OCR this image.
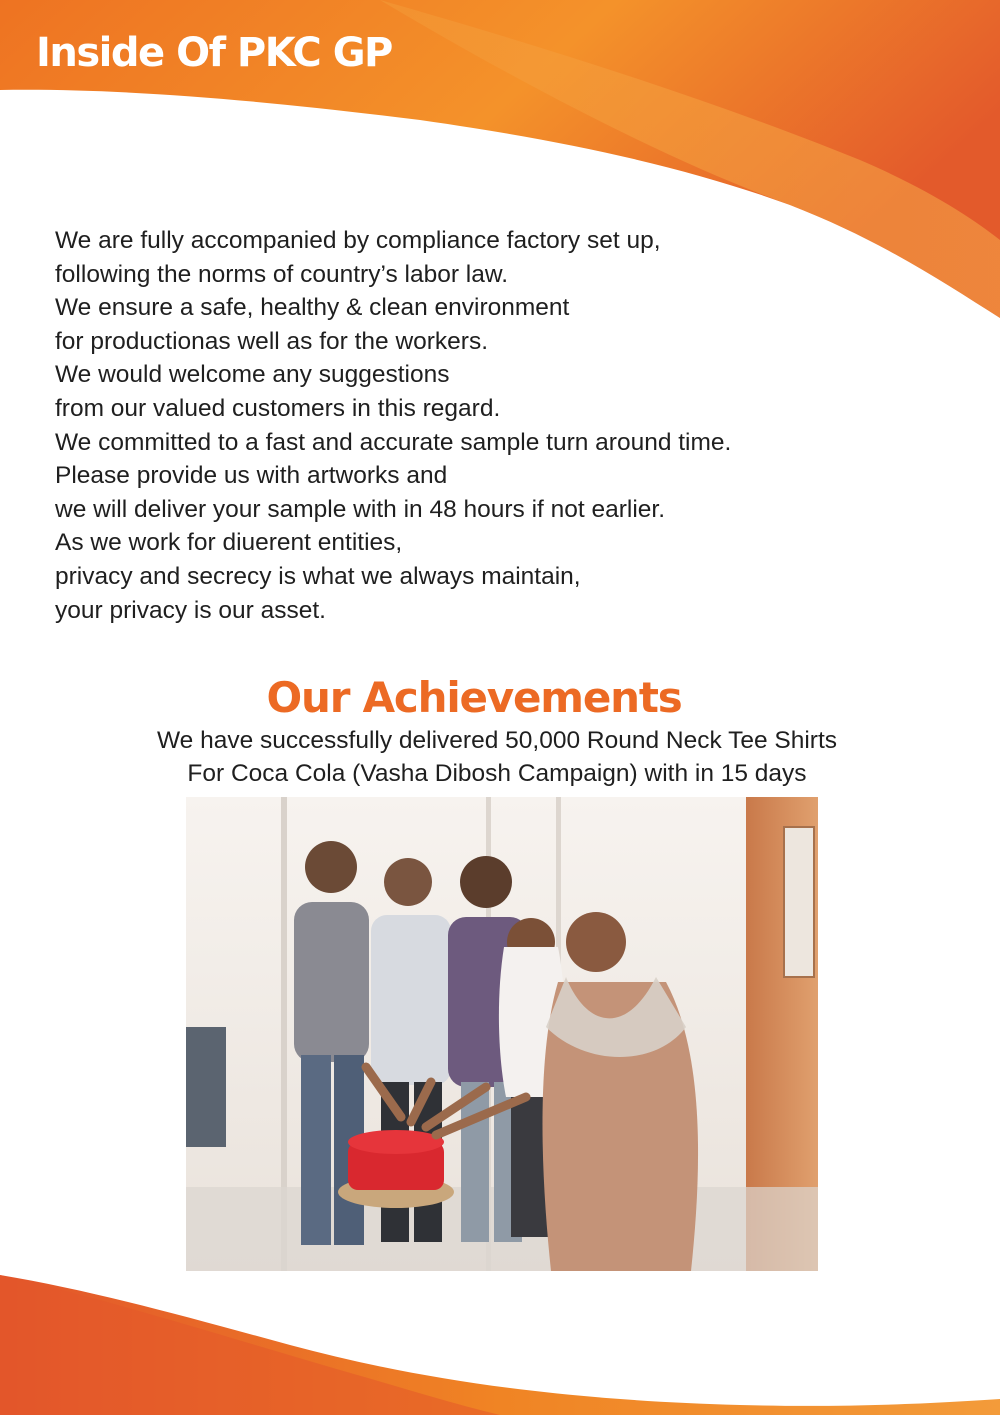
Inside Of PKC GP
We are fully accompanied by compliance factory set up,
following the norms of country’s labor law.
We ensure a safe, healthy & clean environment
for productionas well as for the workers.
We would welcome any suggestions
from our valued customers in this regard.
We committed to a fast and accurate sample turn around time.
Please provide us with artworks and
we will deliver your sample with in 48 hours if not earlier.
As we work for diuerent entities,
privacy and secrecy is what we always maintain,
your privacy is our asset.
Our Achievements
We have successfully delivered 50,000 Round Neck Tee Shirts
For Coca Cola (Vasha Dibosh Campaign) with in 15 days
